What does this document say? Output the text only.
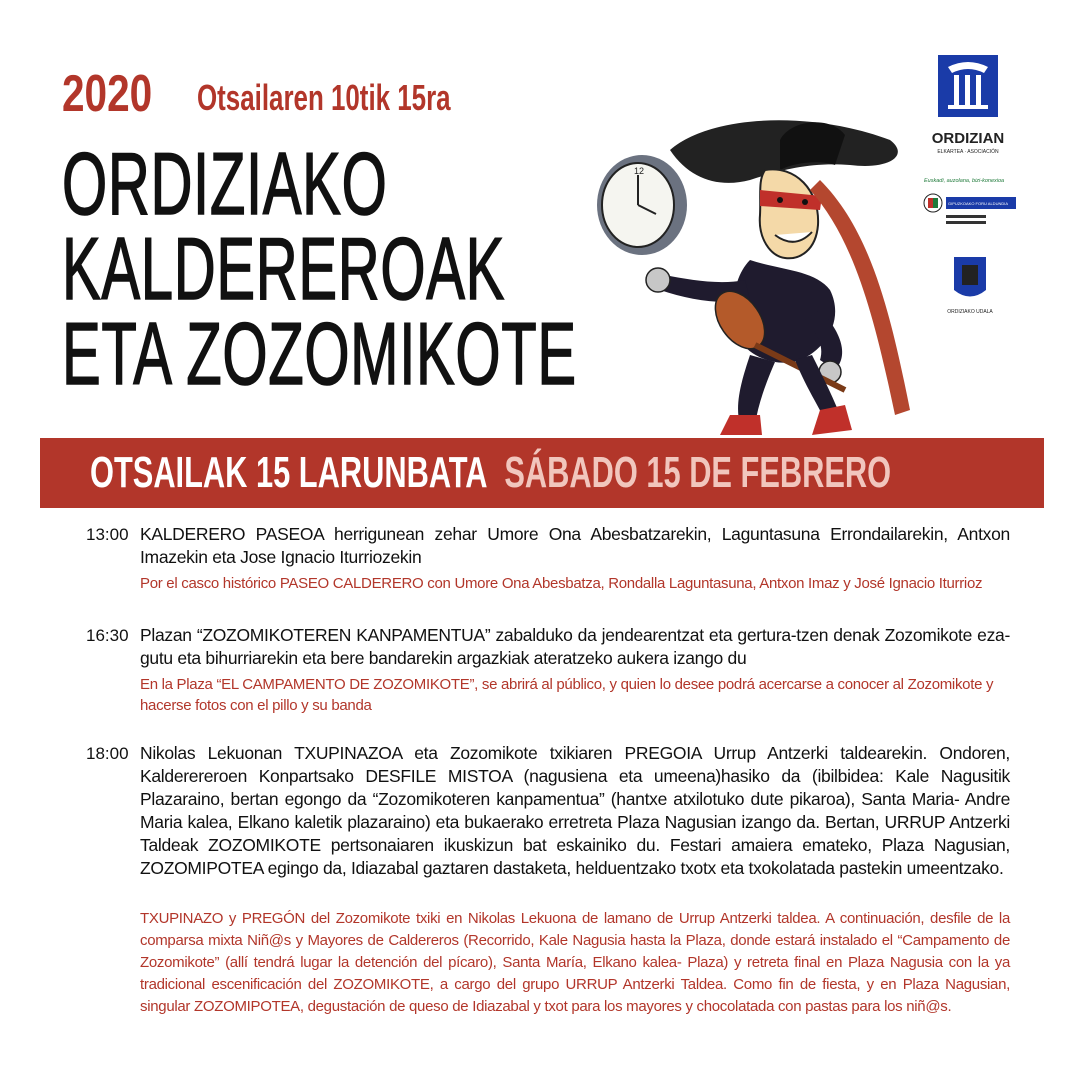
2020 Otsailaren 10tik 15ra
ORDIZIAKO
KALDEREROAK
ETA ZOZOMIKOTE
12
ORDIZIAN
ELKARTEA · ASOCIACIÓN
Euskadi, auzolana, bizi-konexioa
GIPUZKOAKO FORU ALDUNDIA
ORDIZIAKO UDALA
OTSAILAK 15 LARUNBATA SÁBADO 15 DE FEBRERO
13:00 KALDERERO PASEOA herrigunean zehar Umore Ona Abesbatzarekin, Laguntasuna Errondailarekin, Antxon Imazekin eta Jose Ignacio Iturriozekin
Por el casco histórico PASEO CALDERERO con Umore Ona Abesbatza, Rondalla Laguntasuna, Antxon Imaz y José Ignacio Iturrioz
16:30 Plazan “ZOZOMIKOTEREN KANPAMENTUA” zabalduko da jendearentzat eta gertura-tzen denak Zozomikote eza-gutu eta bihurriarekin eta bere bandarekin argazkiak ateratzeko aukera izango du
En la Plaza “EL CAMPAMENTO DE ZOZOMIKOTE”, se abrirá al público, y quien lo desee podrá acercarse a conocer al Zozomikote y hacerse fotos con el pillo y su banda
18:00 Nikolas Lekuonan TXUPINAZOA eta Zozomikote txikiaren PREGOIA Urrup Antzerki taldearekin. Ondoren, Kalderereroen Konpartsako DESFILE MISTOA (nagusiena eta umeena)hasiko da (ibilbidea: Kale Nagusitik Plazaraino, bertan egongo da “Zozomikoteren kanpamentua” (hantxe atxilotuko dute pikaroa), Santa Maria- Andre Maria kalea, Elkano kaletik plazaraino) eta bukaerako erretreta Plaza Nagusian izango da. Bertan, URRUP Antzerki Taldeak ZOZOMIKOTE pertsonaiaren ikuskizun bat eskainiko du. Festari amaiera emateko, Plaza Nagusian, ZOZOMIPOTEA egingo da, Idiazabal gaztaren dastaketa, helduentzako txotx eta txokolatada pastekin umeentzako.
TXUPINAZO y PREGÓN del Zozomikote txiki en Nikolas Lekuona de lamano de Urrup Antzerki taldea. A continuación, desfile de la comparsa mixta Niñ@s y Mayores de Caldereros (Recorrido, Kale Nagusia hasta la Plaza, donde estará instalado el “Campamento de Zozomikote” (allí tendrá lugar la detención del pícaro), Santa María, Elkano kalea- Plaza) y retreta final en Plaza Nagusia con la ya tradicional escenificación del ZOZOMIKOTE, a cargo del grupo URRUP Antzerki Taldea. Como fin de fiesta, y en Plaza Nagusian, singular ZOZOMIPOTEA, degustación de queso de Idiazabal y txot para los mayores y chocolatada con pastas para los niñ@s.
